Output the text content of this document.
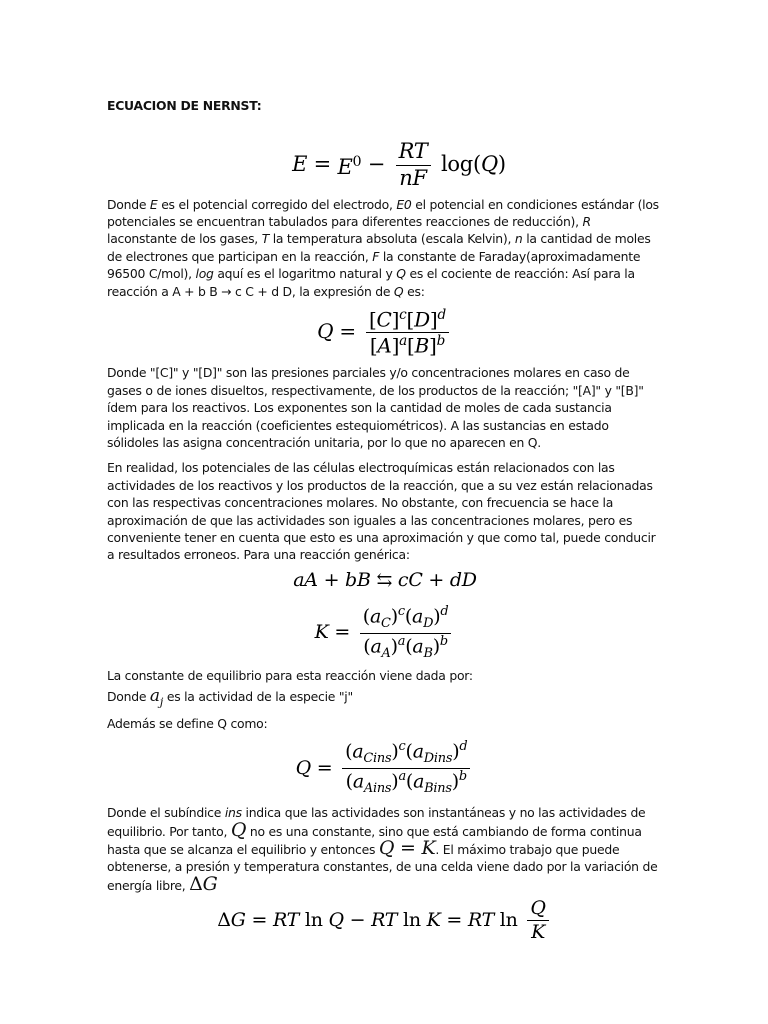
ECUACION DE NERNST:
$E = E^0 - \frac{RT}{nF} \log$( Q )

Donde E es el potencial corregido del electrodo, E0 el potencial en condiciones estándar (los potenciales se encuentran tabulados para diferentes reacciones de reducción), R laconstante de los gases, T la temperatura absoluta (escala Kelvin), n la cantidad de moles de electrones que participan en la reacción, F la constante de Faraday(aproximadamente 96500 C/mol), log aquí es el logaritmo natural y Q es el cociente de reacción: Así para la reacción a A + b B → c C + d D, la expresión de Q es:

$Q = \frac{[C]^c[D]^d}{[A]^a[B]^b}$

Donde "[C]" y "[D]" son las presiones parciales y/o concentraciones molares en caso de gases o de iones disueltos, respectivamente, de los productos de la reacción; "[A]" y "[B]" ídem para los reactivos. Los exponentes son la cantidad de moles de cada sustancia implicada en la reacción (coeficientes estequiométricos). A las sustancias en estado sólidoles las asigna concentración unitaria, por lo que no aparecen en Q.

En realidad, los potenciales de las células electroquímicas están relacionados con las actividades de los reactivos y los productos de la reacción, que a su vez están relacionadas con las respectivas concentraciones molares. No obstante, con frecuencia se hace la aproximación de que las actividades son iguales a las concentraciones molares, pero es conveniente tener en cuenta que esto es una aproximación y que como tal, puede conducir a resultados erroneos. Para una reacción genérica:

aA + bB ⇆ cC + dD
$K = \frac{(a_C)^c(a_D)^d}{(a_A)^a(a_B)^b}$

La constante de equilibrio para esta reacción viene dada por:

Donde $a_j$ es la actividad de la especie "j"

Además se define Q como:

$Q = \frac{(a_{Cins})^c(a_{Dins})^d}{(a_{Ains})^a(a_{Bins})^b}$

Donde el subíndice ins indica que las actividades son instantáneas y no las actividades de equilibrio. Por tanto, Q no es una constante, sino que está cambiando de forma continua hasta que se alcanza el equilibrio y entonces Q = K. El máximo trabajo que puede obtenerse, a presión y temperatura constantes, de una celda viene dado por la variación de energía libre, ΔG

Δ G = RT ln Q − RT ln K = RT $\ln \frac{Q}{K}$
